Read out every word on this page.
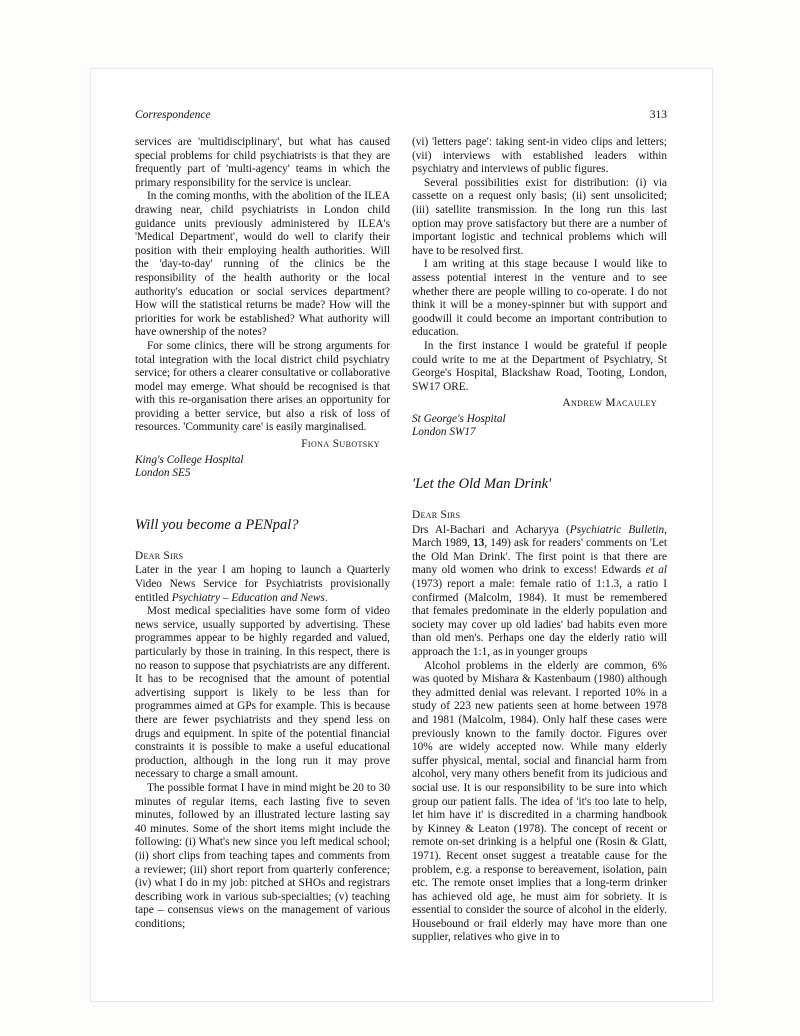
Correspondence	313

services are 'multidisciplinary', but what has caused special problems for child psychiatrists is that they are frequently part of 'multi-agency' teams in which the primary responsibility for the service is unclear.

In the coming months, with the abolition of the ILEA drawing near, child psychiatrists in London child guidance units previously administered by ILEA's 'Medical Department', would do well to clarify their position with their employing health authorities. Will the 'day-to-day' running of the clinics be the responsibility of the health authority or the local authority's education or social services department? How will the statistical returns be made? How will the priorities for work be established? What authority will have ownership of the notes?

For some clinics, there will be strong arguments for total integration with the local district child psychiatry service; for others a clearer consultative or collaborative model may emerge. What should be recognised is that with this re-organisation there arises an opportunity for providing a better service, but also a risk of loss of resources. 'Community care' is easily marginalised.

Fiona Subotsky
King's College Hospital
London SE5
Will you become a PENpal?
Dear Sirs

Later in the year I am hoping to launch a Quarterly Video News Service for Psychiatrists provisionally entitled Psychiatry – Education and News.

Most medical specialities have some form of video news service, usually supported by advertising. These programmes appear to be highly regarded and valued, particularly by those in training. In this respect, there is no reason to suppose that psychiatrists are any different. It has to be recognised that the amount of potential advertising support is likely to be less than for programmes aimed at GPs for example. This is because there are fewer psychiatrists and they spend less on drugs and equipment. In spite of the potential financial constraints it is possible to make a useful educational production, although in the long run it may prove necessary to charge a small amount.

The possible format I have in mind might be 20 to 30 minutes of regular items, each lasting five to seven minutes, followed by an illustrated lecture lasting say 40 minutes. Some of the short items might include the following: (i) What's new since you left medical school; (ii) short clips from teaching tapes and comments from a reviewer; (iii) short report from quarterly conference; (iv) what I do in my job: pitched at SHOs and registrars describing work in various sub-specialties; (v) teaching tape – consensus views on the management of various conditions;

(vi) 'letters page': taking sent-in video clips and letters; (vii) interviews with established leaders within psychiatry and interviews of public figures.

Several possibilities exist for distribution: (i) via cassette on a request only basis; (ii) sent unsolicited; (iii) satellite transmission. In the long run this last option may prove satisfactory but there are a number of important logistic and technical problems which will have to be resolved first.

I am writing at this stage because I would like to assess potential interest in the venture and to see whether there are people willing to co-operate. I do not think it will be a money-spinner but with support and goodwill it could become an important contribution to education.

In the first instance I would be grateful if people could write to me at the Department of Psychiatry, St George's Hospital, Blackshaw Road, Tooting, London, SW17 ORE.

Andrew Macauley
St George's Hospital
London SW17
'Let the Old Man Drink'
Dear Sirs

Drs Al-Bachari and Acharyya (Psychiatric Bulletin, March 1989, 13, 149) ask for readers' comments on 'Let the Old Man Drink'. The first point is that there are many old women who drink to excess! Edwards et al (1973) report a male: female ratio of 1:1.3, a ratio I confirmed (Malcolm, 1984). It must be remembered that females predominate in the elderly population and society may cover up old ladies' bad habits even more than old men's. Perhaps one day the elderly ratio will approach the 1:1, as in younger groups

Alcohol problems in the elderly are common, 6% was quoted by Mishara & Kastenbaum (1980) although they admitted denial was relevant. I reported 10% in a study of 223 new patients seen at home between 1978 and 1981 (Malcolm, 1984). Only half these cases were previously known to the family doctor. Figures over 10% are widely accepted now. While many elderly suffer physical, mental, social and financial harm from alcohol, very many others benefit from its judicious and social use. It is our responsibility to be sure into which group our patient falls. The idea of 'it's too late to help, let him have it' is discredited in a charming handbook by Kinney & Leaton (1978). The concept of recent or remote on-set drinking is a helpful one (Rosin & Glatt, 1971). Recent onset suggest a treatable cause for the problem, e.g. a response to bereavement, isolation, pain etc. The remote onset implies that a long-term drinker has achieved old age, he must aim for sobriety. It is essential to consider the source of alcohol in the elderly. Housebound or frail elderly may have more than one supplier, relatives who give in to
